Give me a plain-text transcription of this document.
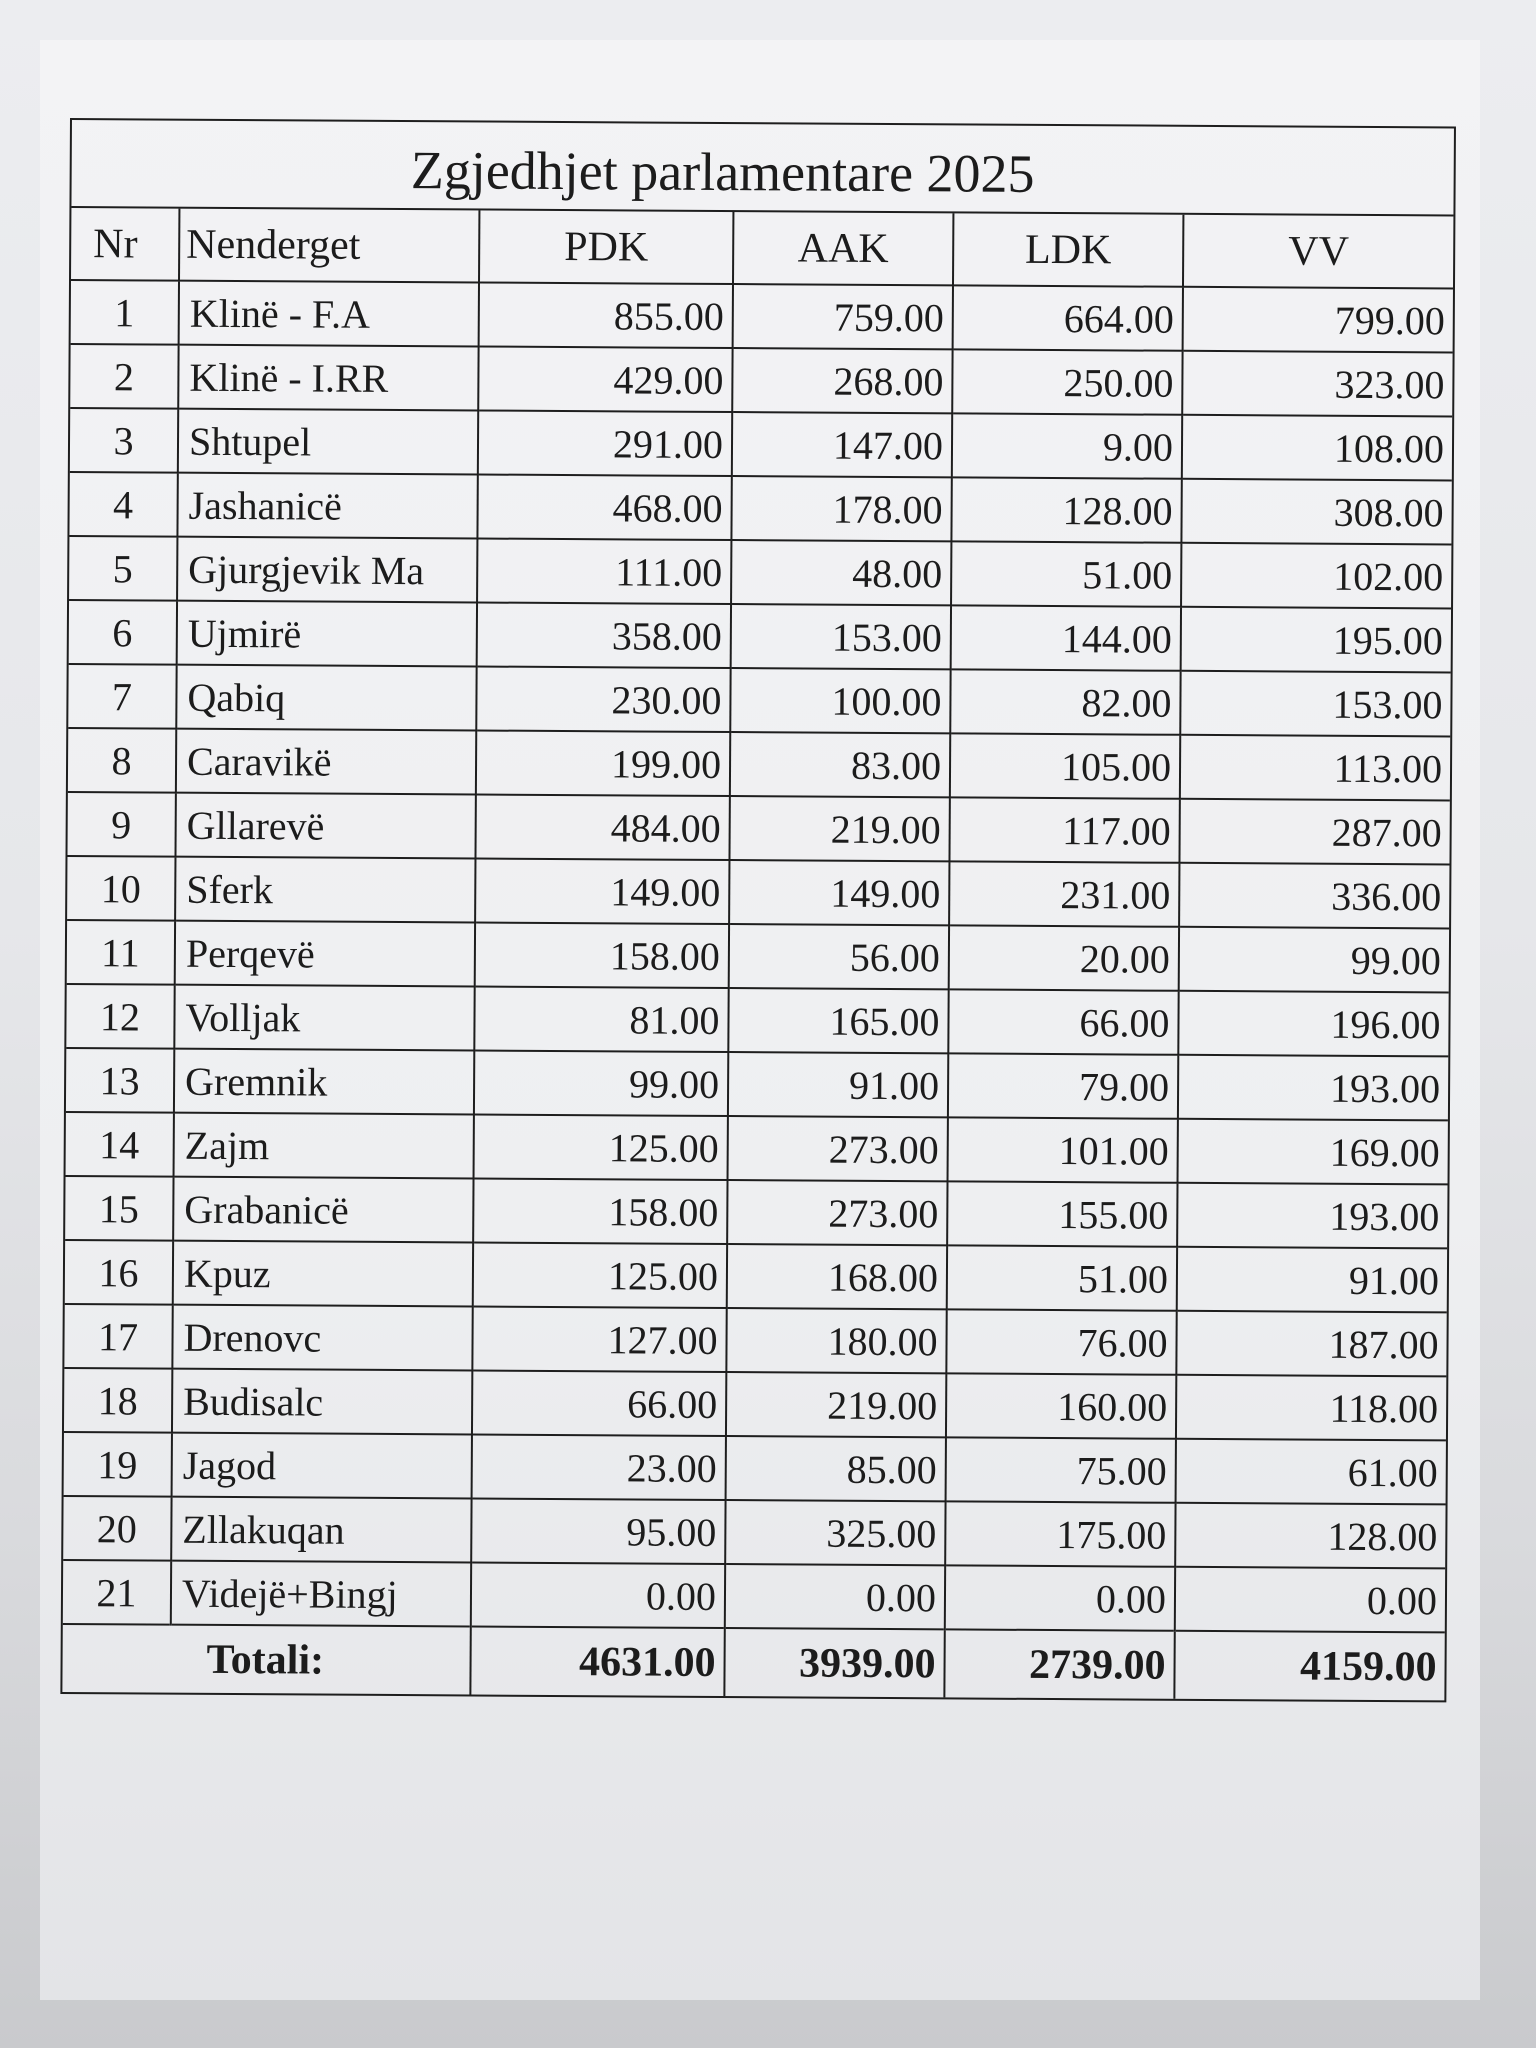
Zgjedhjet parlamentare 2025
Nr	Nenderget	PDK	AAK	LDK	VV
1	Klinë - F.A	855.00	759.00	664.00	799.00
2	Klinë - I.RR	429.00	268.00	250.00	323.00
3	Shtupel	291.00	147.00	9.00	108.00
4	Jashanicë	468.00	178.00	128.00	308.00
5	Gjurgjevik Ma	111.00	48.00	51.00	102.00
6	Ujmirë	358.00	153.00	144.00	195.00
7	Qabiq	230.00	100.00	82.00	153.00
8	Caravikë	199.00	83.00	105.00	113.00
9	Gllarevë	484.00	219.00	117.00	287.00
10	Sferk	149.00	149.00	231.00	336.00
11	Perqevë	158.00	56.00	20.00	99.00
12	Volljak	81.00	165.00	66.00	196.00
13	Gremnik	99.00	91.00	79.00	193.00
14	Zajm	125.00	273.00	101.00	169.00
15	Grabanicë	158.00	273.00	155.00	193.00
16	Kpuz	125.00	168.00	51.00	91.00
17	Drenovc	127.00	180.00	76.00	187.00
18	Budisalc	66.00	219.00	160.00	118.00
19	Jagod	23.00	85.00	75.00	61.00
20	Zllakuqan	95.00	325.00	175.00	128.00
21	Videjë+Bingj	0.00	0.00	0.00	0.00
Totali:		4631.00	3939.00	2739.00	4159.00
